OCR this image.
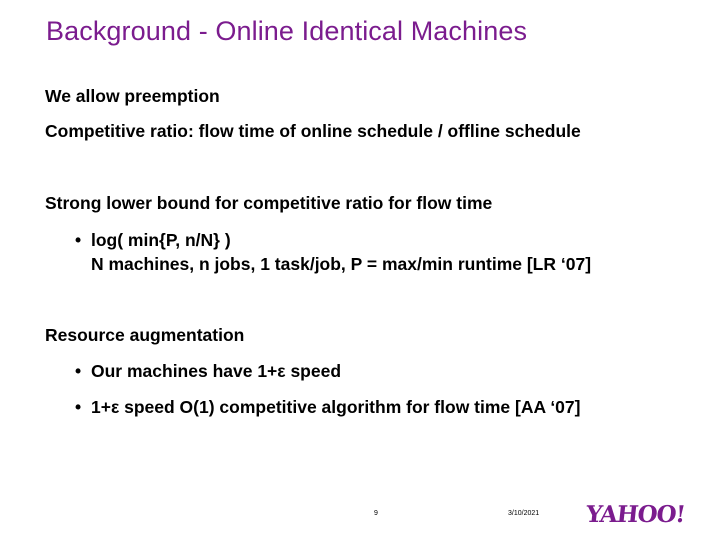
Background - Online Identical Machines
We allow preemption
Competitive ratio: flow time of online schedule / offline schedule
Strong lower bound for competitive ratio for flow time
• log( min{P, n/N} )
N machines, n jobs, 1 task/job, P = max/min runtime [LR ‘07]
Resource augmentation
• Our machines have 1+ε speed
• 1+ε speed O(1) competitive algorithm for flow time [AA ‘07]
9	3/10/2021 YAHOO!
